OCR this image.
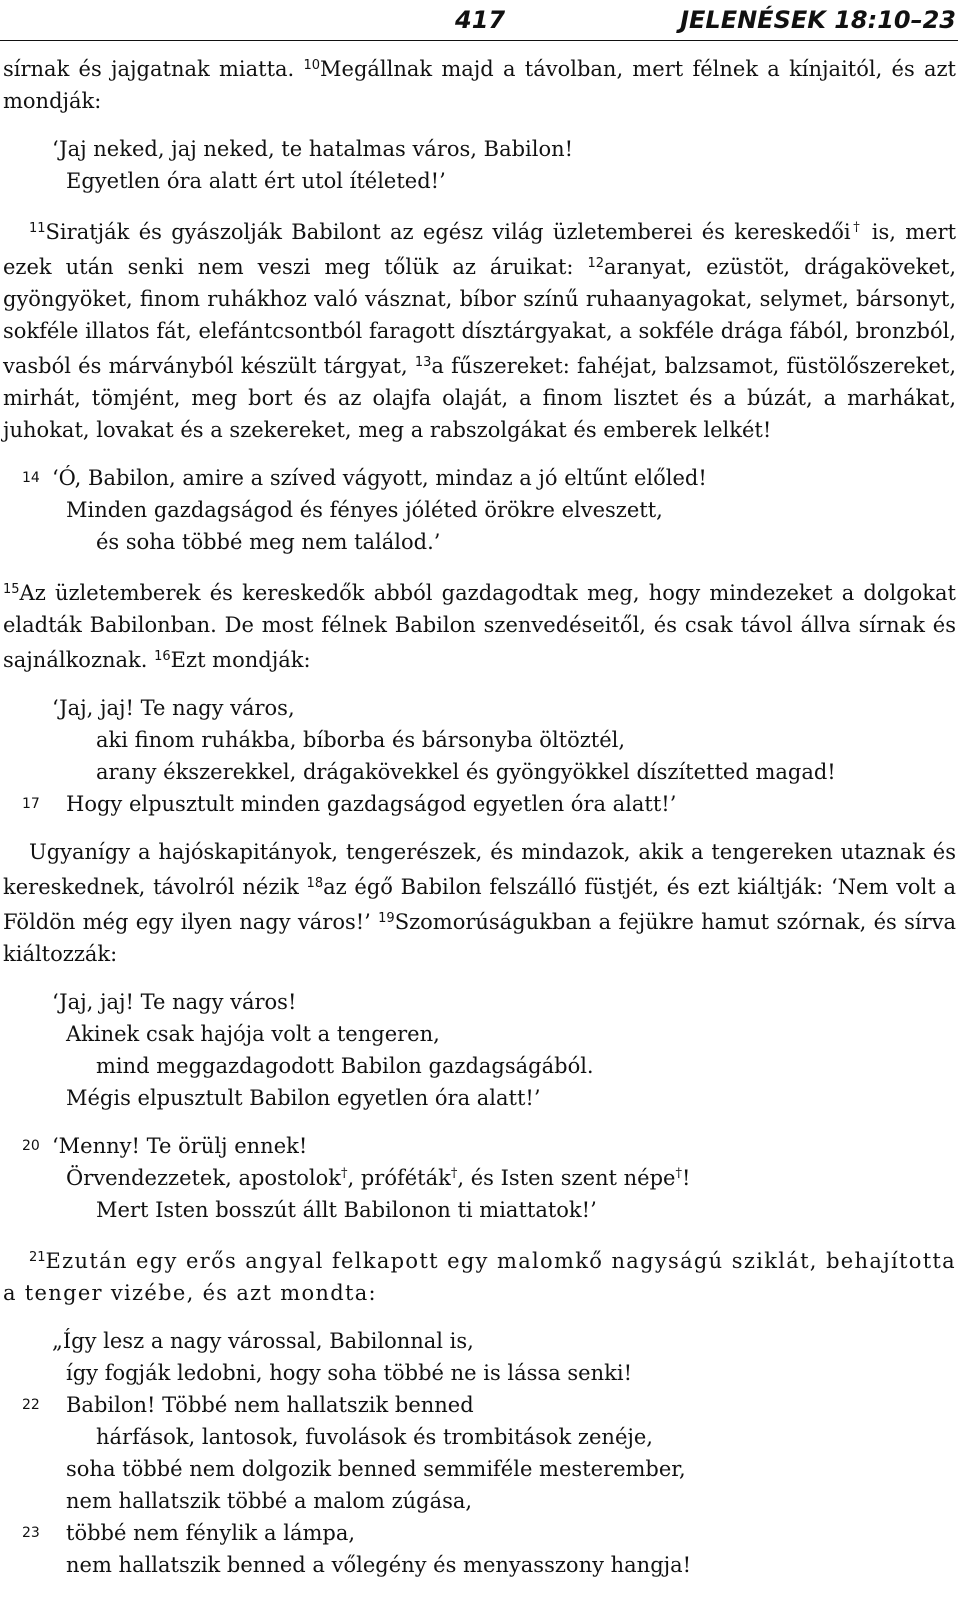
417	JELENÉSEK 18:10–23

sírnak és jajgatnak miatta. $^{10}$Megállnak majd a távolban, mert félnek a kínjaitól, és azt mondják:

‘Jaj neked, jaj neked, te hatalmas város, Babilon!
Egyetlen óra alatt ért utol ítéleted!’

$^{11}$Siratják és gyászolják Babilont az egész világ üzletemberei és kereskedői† is, mert ezek után senki nem veszi meg tőlük az áruikat: $^{12}$aranyat, ezüstöt, drágaköveket, gyöngyöket, finom ruhákhoz való vásznat, bíbor színű ruhaanyagokat, selymet, bársonyt, sokféle illatos fát, elefántcsontból faragott dísztárgyakat, a sokféle drága fából, bronzból, vasból és márványból készült tárgyat, $^{13}$a fűszereket: fahéjat, balzsamot, füstölőszereket, mirhát, tömjént, meg bort és az olajfa olaját, a finom lisztet és a búzát, a marhákat, juhokat, lovakat és a szekereket, meg a rabszolgákat és emberek lelkét!

14 ‘Ó, Babilon, amire a szíved vágyott, mindaz a jó eltűnt előled!
Minden gazdagságod és fényes jóléted örökre elveszett,
és soha többé meg nem találod.’

$^{15}$Az üzletemberek és kereskedők abból gazdagodtak meg, hogy mindezeket a dolgokat eladták Babilonban. De most félnek Babilon szenvedéseitől, és csak távol állva sírnak és sajnálkoznak. $^{16}$Ezt mondják:

‘Jaj, jaj! Te nagy város,
aki finom ruhákba, bíborba és bársonyba öltöztél,
arany ékszerekkel, drágakövekkel és gyöngyökkel díszítetted magad!
17 Hogy elpusztult minden gazdagságod egyetlen óra alatt!’

Ugyanígy a hajóskapitányok, tengerészek, és mindazok, akik a tengereken utaznak és kereskednek, távolról nézik $^{18}$az égő Babilon felszálló füstjét, és ezt kiáltják: ‘Nem volt a Földön még egy ilyen nagy város!’ $^{19}$Szomorúságukban a fejükre hamut szórnak, és sírva kiáltozzák:

‘Jaj, jaj! Te nagy város!
Akinek csak hajója volt a tengeren,
mind meggazdagodott Babilon gazdagságából.
Mégis elpusztult Babilon egyetlen óra alatt!’
20 ‘Menny! Te örülj ennek!
Örvendezzetek, apostolok†, próféták†, és Isten szent népe†!
Mert Isten bosszút állt Babilonon ti miattatok!’

$^{21}$Ezután egy erős angyal felkapott egy malomkő nagyságú sziklát, behajította a tenger vizébe, és azt mondta:

„Így lesz a nagy várossal, Babilonnal is,
így fogják ledobni, hogy soha többé ne is lássa senki!
22 Babilon! Többé nem hallatszik benned
hárfások, lantosok, fuvolások és trombitások zenéje,
soha többé nem dolgozik benned semmiféle mesterember,
nem hallatszik többé a malom zúgása,
23 többé nem fénylik a lámpa,
nem hallatszik benned a vőlegény és menyasszony hangja!
